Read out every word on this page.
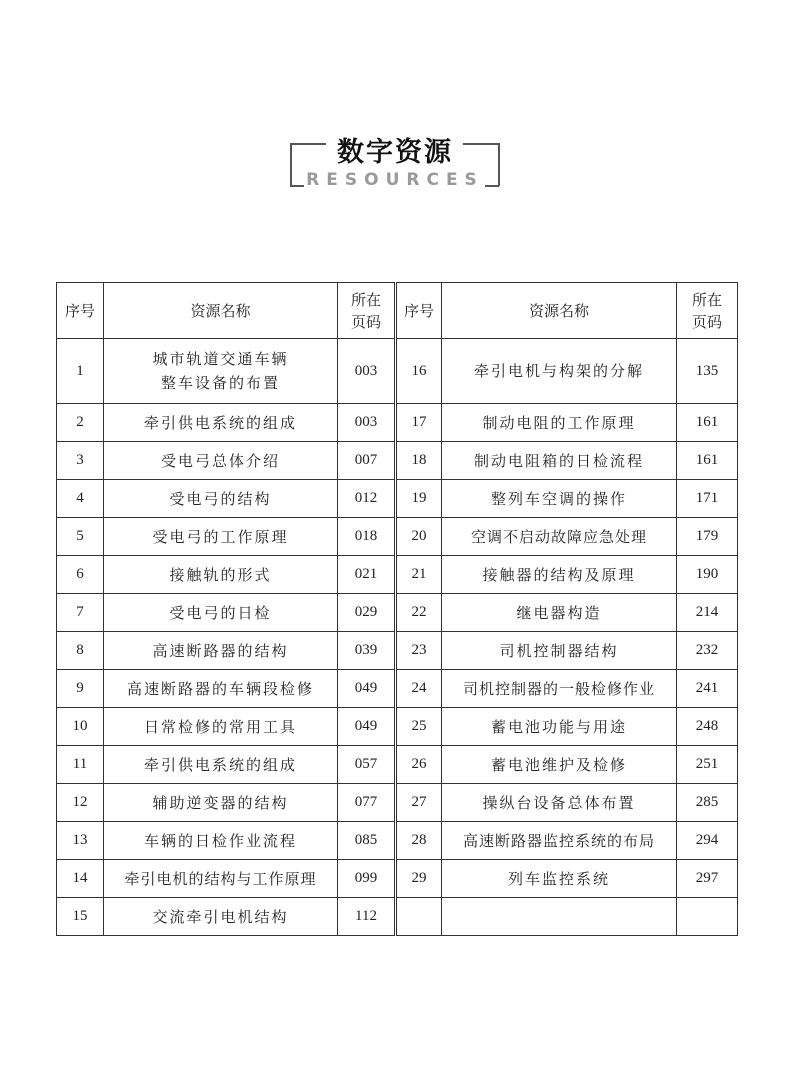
数字资源
RESOURCES
序号	资源名称	所在
页码
1	城市轨道交通车辆
整车设备的布置	003
2	牵引供电系统的组成	003
3	受电弓总体介绍	007
4	受电弓的结构	012
5	受电弓的工作原理	018
6	接触轨的形式	021
7	受电弓的日检	029
8	高速断路器的结构	039
9	高速断路器的车辆段检修	049
10	日常检修的常用工具	049
11	牵引供电系统的组成	057
12	辅助逆变器的结构	077
13	车辆的日检作业流程	085
14	牵引电机的结构与工作原理	099
15	交流牵引电机结构	112
序号	资源名称	所在
页码
16	牵引电机与构架的分解	135
17	制动电阻的工作原理	161
18	制动电阻箱的日检流程	161
19	整列车空调的操作	171
20	空调不启动故障应急处理	179
21	接触器的结构及原理	190
22	继电器构造	214
23	司机控制器结构	232
24	司机控制器的一般检修作业	241
25	蓄电池功能与用途	248
26	蓄电池维护及检修	251
27	操纵台设备总体布置	285
28	高速断路器监控系统的布局	294
29	列车监控系统	297
